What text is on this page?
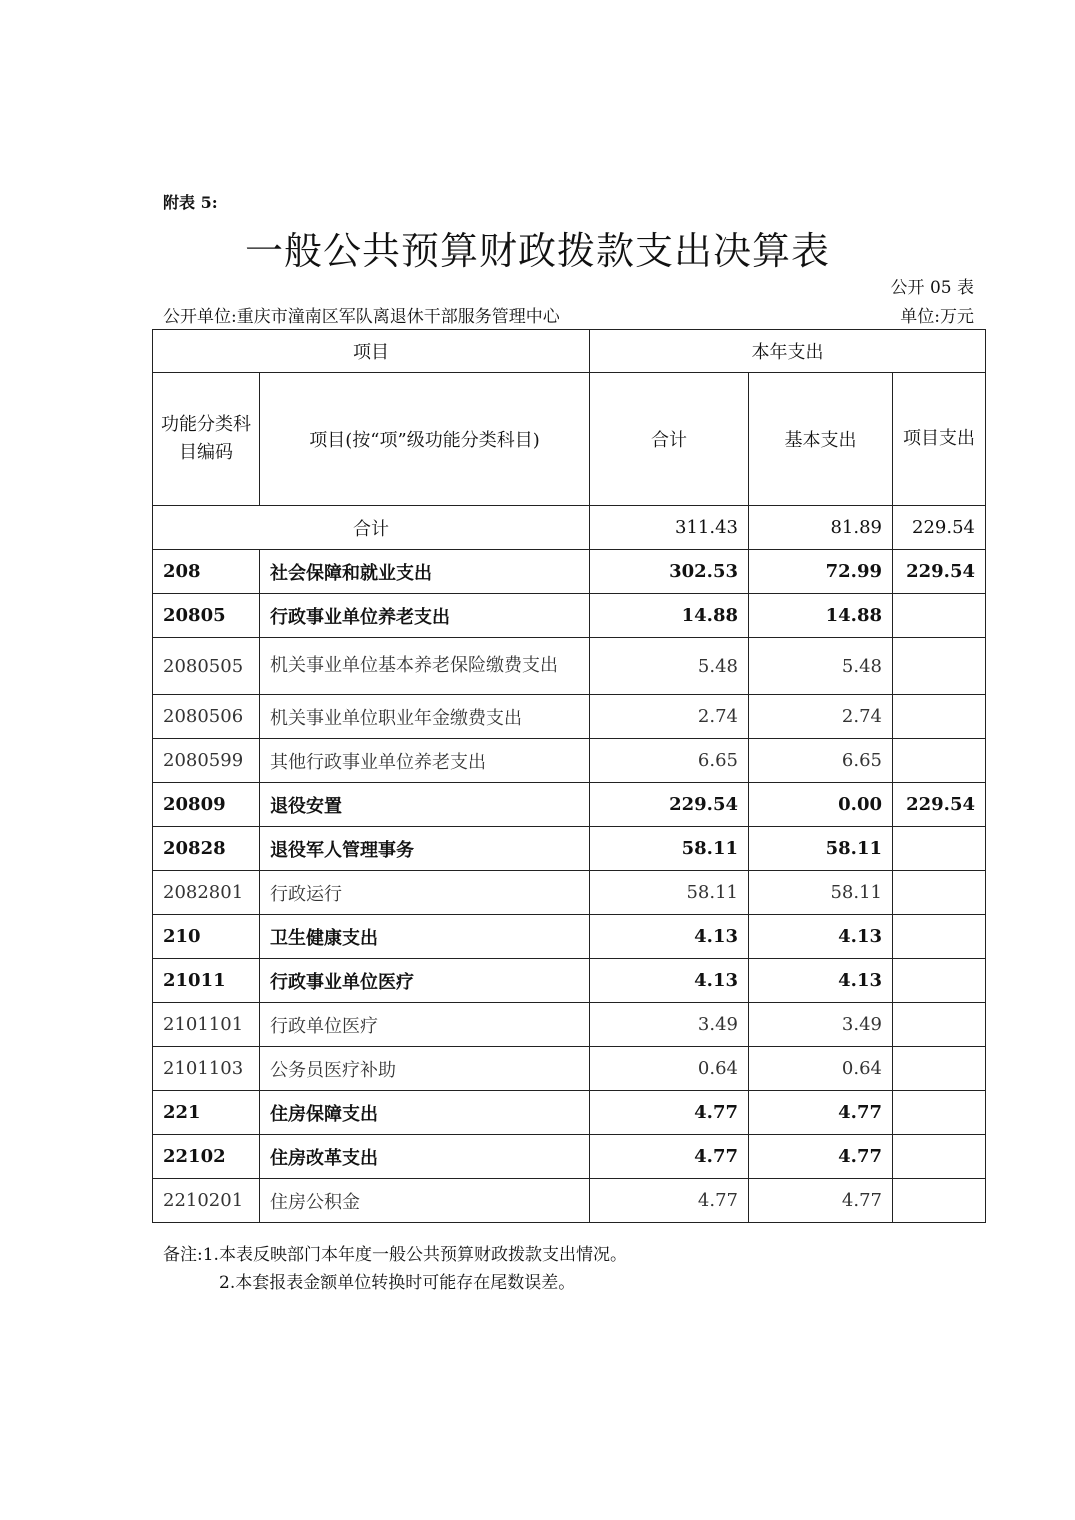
附表 5:
一般公共预算财政拨款支出决算表
公开 05 表
公开单位:重庆市潼南区军队离退休干部服务管理中心	单位:万元
项目		本年支出		
功能分类科目编码	项目(按“项”级功能分类科目)	合计	基本支出	项目支出
合计		311.43	81.89	229.54
208	社会保障和就业支出	302.53	72.99	229.54
20805	行政事业单位养老支出	14.88	14.88	
2080505	机关事业单位基本养老保险缴费支出	5.48	5.48	
2080506	机关事业单位职业年金缴费支出	2.74	2.74	
2080599	其他行政事业单位养老支出	6.65	6.65	
20809	退役安置	229.54	0.00	229.54
20828	退役军人管理事务	58.11	58.11	
2082801	行政运行	58.11	58.11	
210	卫生健康支出	4.13	4.13	
21011	行政事业单位医疗	4.13	4.13	
2101101	行政单位医疗	3.49	3.49	
2101103	公务员医疗补助	0.64	0.64	
221	住房保障支出	4.77	4.77	
22102	住房改革支出	4.77	4.77	
2210201	住房公积金	4.77	4.77	
备注:1.本表反映部门本年度一般公共预算财政拨款支出情况。
2.本套报表金额单位转换时可能存在尾数误差。
